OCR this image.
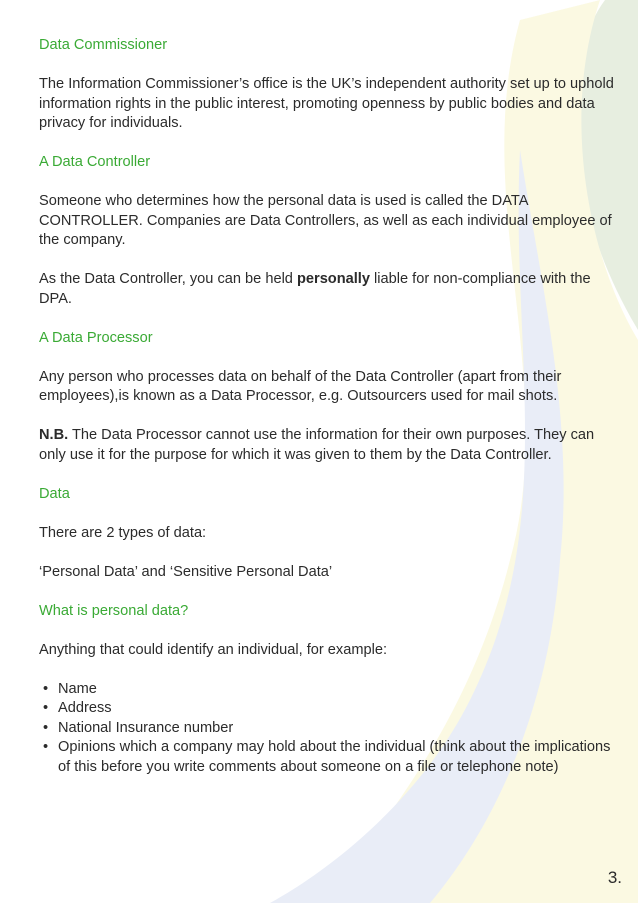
Data Commissioner

The Information Commissioner’s office is the UK’s independent authority set up to uphold information rights in the public interest, promoting openness by public bodies and data privacy for individuals.

A Data Controller

Someone who determines how the personal data is used is called the DATA CONTROLLER. Companies are Data Controllers, as well as each individual employee of the company.

As the Data Controller, you can be held personally liable for non-compliance with the DPA.

A Data Processor

Any person who processes data on behalf of the Data Controller (apart from their employees),is known as a Data Processor, e.g. Outsourcers used for mail shots.

N.B. The Data Processor cannot use the information for their own purposes. They can only use it for the purpose for which it was given to them by the Data Controller.

Data

There are 2 types of data:

‘Personal Data’ and ‘Sensitive Personal Data’

What is personal data?

Anything that could identify an individual, for example:

• Name
• Address
• National Insurance number
• Opinions which a company may hold about the individual (think about the implications of this before you write comments about someone on a file or telephone note)
3.
